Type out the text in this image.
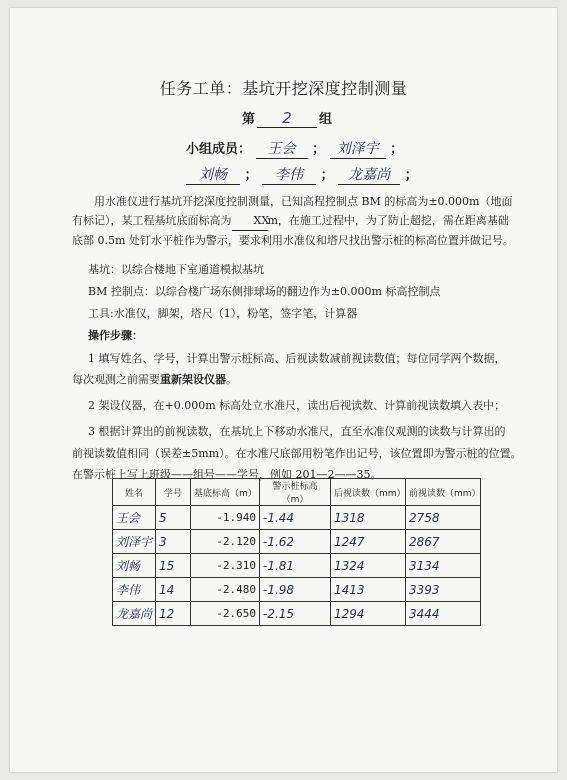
任务工单：基坑开挖深度控制测量
第 2 组
小组成员： 王会 ； 刘泽宇 ；
刘畅 ； 李伟 ； 龙嘉尚 ；
用水准仪进行基坑开挖深度控制测量，已知高程控制点 BM 的标高为±0.000m（地面有标记），某工程基坑底面标高为 XXm，在施工过程中，为了防止超挖，需在距离基础底部 0.5m 处钉水平桩作为警示，要求利用水准仪和塔尺找出警示桩的标高位置并做记号。
基坑：以综合楼地下室通道模拟基坑
BM 控制点：以综合楼广场东侧排球场的翻边作为±0.000m 标高控制点
工具:水准仪，脚架，塔尺（1），粉笔，签字笔，计算器
操作步骤：
1 填写姓名、学号，计算出警示桩标高、后视读数减前视读数值；每位同学两个数据，
每次观测之前需要重新架设仪器。
2 架设仪器，在+0.000m 标高处立水准尺，读出后视读数、计算前视读数填入表中；
3 根据计算出的前视读数，在基坑上下移动水准尺，直至水准仪观测的读数与计算出的
前视读数值相同（误差±5mm）。在水准尺底部用粉笔作出记号，该位置即为警示桩的位置。
在警示桩上写上班级——组号——学号，例如 201—2——35。
姓名	学号	基底标高（m）	警示桩标高（m）	后视读数（mm）	前视读数（mm）
王会	5	-1.940	-1.44	1318	2758
刘泽宇	3	-2.120	-1.62	1247	2867
刘畅	15	-2.310	-1.81	1324	3134
李伟	14	-2.480	-1.98	1413	3393
龙嘉尚	12	-2.650	-2.15	1294	3444
